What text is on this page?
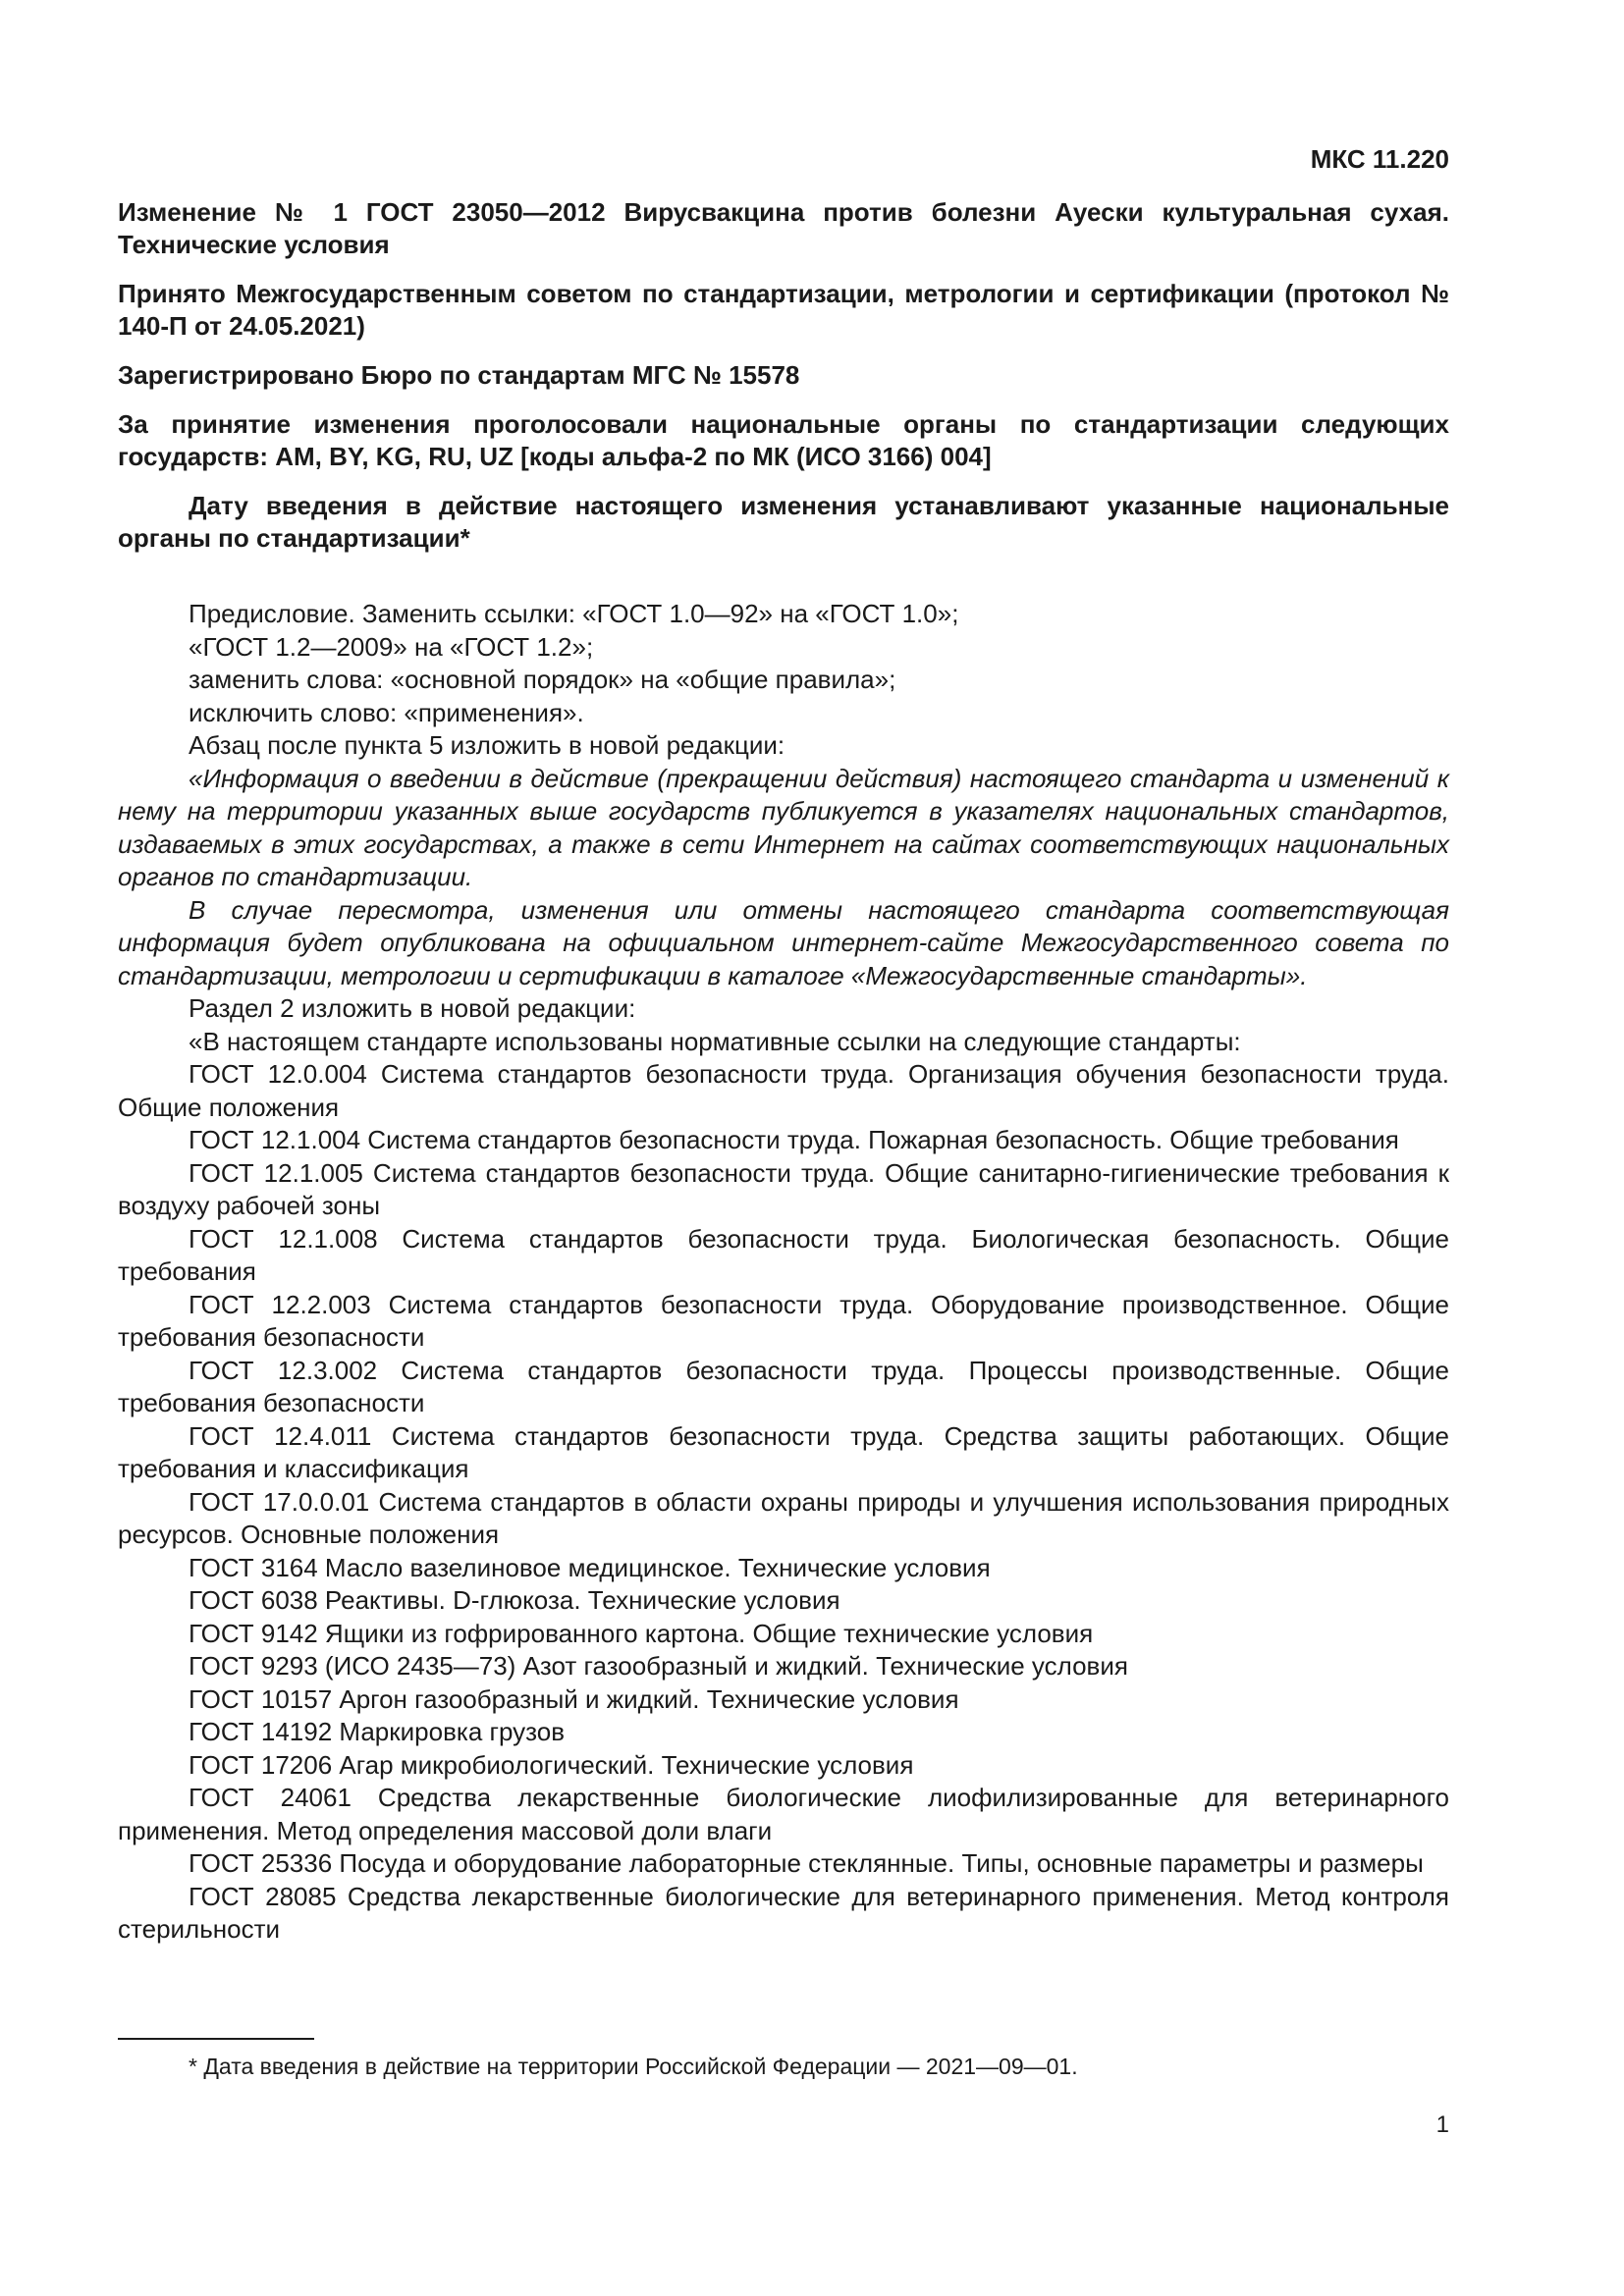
МКС 11.220
Изменение № 1 ГОСТ 23050—2012 Вирусвакцина против болезни Ауески культуральная сухая. Технические условия
Принято Межгосударственным советом по стандартизации, метрологии и сертификации (протокол № 140-П от 24.05.2021)
Зарегистрировано Бюро по стандартам МГС № 15578
За принятие изменения проголосовали национальные органы по стандартизации следующих государств: AM, BY, KG, RU, UZ [коды альфа-2 по МК (ИСО 3166) 004]
Дату введения в действие настоящего изменения устанавливают указанные национальные органы по стандартизации*

Предисловие. Заменить ссылки: «ГОСТ 1.0—92» на «ГОСТ 1.0»;

«ГОСТ 1.2—2009» на «ГОСТ 1.2»;

заменить слова: «основной порядок» на «общие правила»;

исключить слово: «применения».

Абзац после пункта 5 изложить в новой редакции:

«Информация о введении в действие (прекращении действия) настоящего стандарта и изменений к нему на территории указанных выше государств публикуется в указателях национальных стандартов, издаваемых в этих государствах, а также в сети Интернет на сайтах соответствующих национальных органов по стандартизации.

В случае пересмотра, изменения или отмены настоящего стандарта соответствующая информация будет опубликована на официальном интернет-сайте Межгосударственного совета по стандартизации, метрологии и сертификации в каталоге «Межгосударственные стандарты».

Раздел 2 изложить в новой редакции:

«В настоящем стандарте использованы нормативные ссылки на следующие стандарты:

ГОСТ 12.0.004 Система стандартов безопасности труда. Организация обучения безопасности труда. Общие положения

ГОСТ 12.1.004 Система стандартов безопасности труда. Пожарная безопасность. Общие требования

ГОСТ 12.1.005 Система стандартов безопасности труда. Общие санитарно-гигиенические требования к воздуху рабочей зоны

ГОСТ 12.1.008 Система стандартов безопасности труда. Биологическая безопасность. Общие требования

ГОСТ 12.2.003 Система стандартов безопасности труда. Оборудование производственное. Общие требования безопасности

ГОСТ 12.3.002 Система стандартов безопасности труда. Процессы производственные. Общие требования безопасности

ГОСТ 12.4.011 Система стандартов безопасности труда. Средства защиты работающих. Общие требования и классификация

ГОСТ 17.0.0.01 Система стандартов в области охраны природы и улучшения использования природных ресурсов. Основные положения

ГОСТ 3164 Масло вазелиновое медицинское. Технические условия

ГОСТ 6038 Реактивы. D-глюкоза. Технические условия

ГОСТ 9142 Ящики из гофрированного картона. Общие технические условия

ГОСТ 9293 (ИСО 2435—73) Азот газообразный и жидкий. Технические условия

ГОСТ 10157 Аргон газообразный и жидкий. Технические условия

ГОСТ 14192 Маркировка грузов

ГОСТ 17206 Агар микробиологический. Технические условия

ГОСТ 24061 Средства лекарственные биологические лиофилизированные для ветеринарного применения. Метод определения массовой доли влаги

ГОСТ 25336 Посуда и оборудование лабораторные стеклянные. Типы, основные параметры и размеры

ГОСТ 28085 Средства лекарственные биологические для ветеринарного применения. Метод контроля стерильности

* Дата введения в действие на территории Российской Федерации — 2021—09—01.
1
